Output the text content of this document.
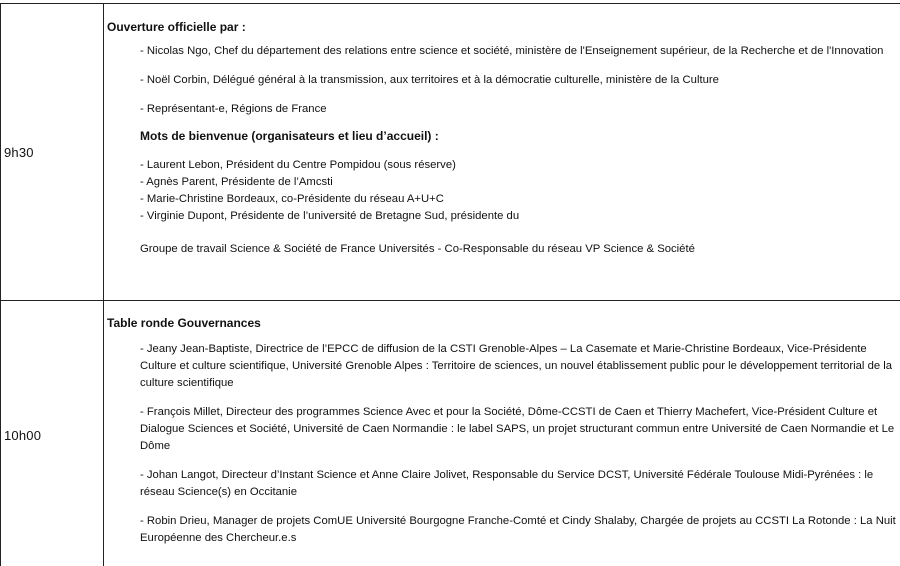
9h30

Ouverture officielle par :

- Nicolas Ngo, Chef du département des relations entre science et société, ministère de l'Enseignement supérieur, de la Recherche et de l'Innovation

- Noël Corbin, Délégué général à la transmission, aux territoires et à la démocratie culturelle, ministère de la Culture

- Représentant-e, Régions de France

Mots de bienvenue (organisateurs et lieu d’accueil) :

- Laurent Lebon, Président du Centre Pompidou (sous réserve)

- Agnès Parent, Présidente de l’Amcsti

- Marie-Christine Bordeaux, co-Présidente du réseau A+U+C

- Virginie Dupont, Présidente de l’université de Bretagne Sud, présidente du

Groupe de travail Science & Société de France Universités - Co-Responsable du réseau VP Science & Société

10h00

Table ronde Gouvernances

- Jeany Jean-Baptiste, Directrice de l’EPCC de diffusion de la CSTI Grenoble-Alpes – La Casemate et Marie-Christine Bordeaux, Vice-Présidente Culture et culture scientifique, Université Grenoble Alpes : Territoire de sciences, un nouvel établissement public pour le développement territorial de la culture scientifique

- François Millet, Directeur des programmes Science Avec et pour la Société, Dôme-CCSTI de Caen et Thierry Machefert, Vice-Président Culture et Dialogue Sciences et Société, Université de Caen Normandie : le label SAPS, un projet structurant commun entre Université de Caen Normandie et Le Dôme

- Johan Langot, Directeur d’Instant Science et Anne Claire Jolivet, Responsable du Service DCST, Université Fédérale Toulouse Midi-Pyrénées : le réseau Science(s) en Occitanie

- Robin Drieu, Manager de projets ComUE Université Bourgogne Franche-Comté et Cindy Shalaby, Chargée de projets au CCSTI La Rotonde : La Nuit Européenne des Chercheur.e.s
